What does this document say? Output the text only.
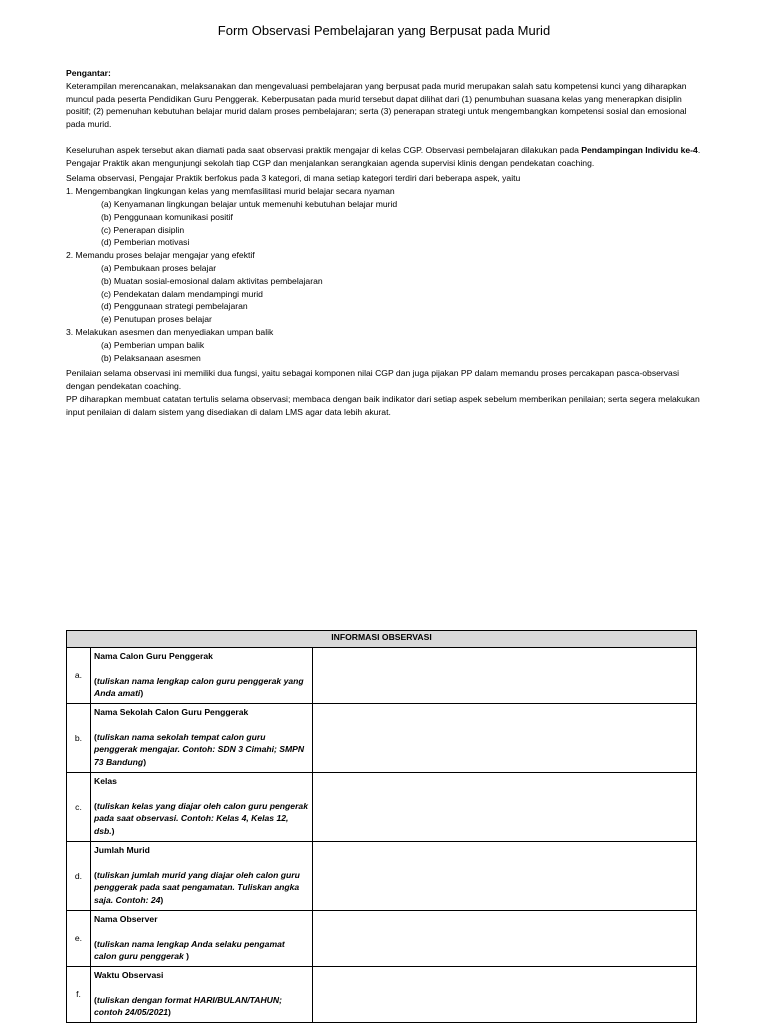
Form Observasi Pembelajaran yang Berpusat pada Murid

Pengantar:

Keterampilan merencanakan, melaksanakan dan mengevaluasi pembelajaran yang berpusat pada murid merupakan salah satu kompetensi kunci yang diharapkan muncul pada peserta Pendidikan Guru Penggerak. Keberpusatan pada murid tersebut dapat dilihat dari (1) penumbuhan suasana kelas yang menerapkan disiplin positif; (2) pemenuhan kebutuhan belajar murid dalam proses pembelajaran; serta (3) penerapan strategi untuk mengembangkan kompetensi sosial dan emosional pada murid.

Keseluruhan aspek tersebut akan diamati pada saat observasi praktik mengajar di kelas CGP. Observasi pembelajaran dilakukan pada Pendampingan Individu ke-4. Pengajar Praktik akan mengunjungi sekolah tiap CGP dan menjalankan serangkaian agenda supervisi klinis dengan pendekatan coaching.

Selama observasi, Pengajar Praktik berfokus pada 3 kategori, di mana setiap kategori terdiri dari beberapa aspek, yaitu

1. Mengembangkan lingkungan kelas yang memfasilitasi murid belajar secara nyaman

(a) Kenyamanan lingkungan belajar untuk memenuhi kebutuhan belajar murid

(b) Penggunaan komunikasi positif

(c) Penerapan disiplin

(d) Pemberian motivasi

2. Memandu proses belajar mengajar yang efektif

(a) Pembukaan proses belajar

(b) Muatan sosial-emosional dalam aktivitas pembelajaran

(c) Pendekatan dalam mendampingi murid

(d) Penggunaan strategi pembelajaran

(e) Penutupan proses belajar

3. Melakukan asesmen dan menyediakan umpan balik

(a) Pemberian umpan balik

(b) Pelaksanaan asesmen

Penilaian selama observasi ini memiliki dua fungsi, yaitu sebagai komponen nilai CGP dan juga pijakan PP dalam memandu proses percakapan pasca-observasi dengan pendekatan coaching.

PP diharapkan membuat catatan tertulis selama observasi; membaca dengan baik indikator dari setiap aspek sebelum memberikan penilaian; serta segera melakukan input penilaian di dalam sistem yang disediakan di dalam LMS agar data lebih akurat.

INFORMASI OBSERVASI		
a.	Nama Calon Guru Penggerak
(tuliskan nama lengkap calon guru penggerak yang Anda amati)	

b.	Nama Sekolah Calon Guru Penggerak
(tuliskan nama sekolah tempat calon guru penggerak mengajar. Contoh: SDN 3 Cimahi; SMPN 73 Bandung)	

c.	Kelas
(tuliskan kelas yang diajar oleh calon guru pengerak pada saat observasi. Contoh: Kelas 4, Kelas 12, dsb.)	

d.	Jumlah Murid
(tuliskan jumlah murid yang diajar oleh calon guru penggerak pada saat pengamatan. Tuliskan angka saja. Contoh: 24)	

e.	Nama Observer
(tuliskan nama lengkap Anda selaku pengamat calon guru penggerak )	

f.	Waktu Observasi
(tuliskan dengan format HARI/BULAN/TAHUN; contoh 24/05/2021)	
